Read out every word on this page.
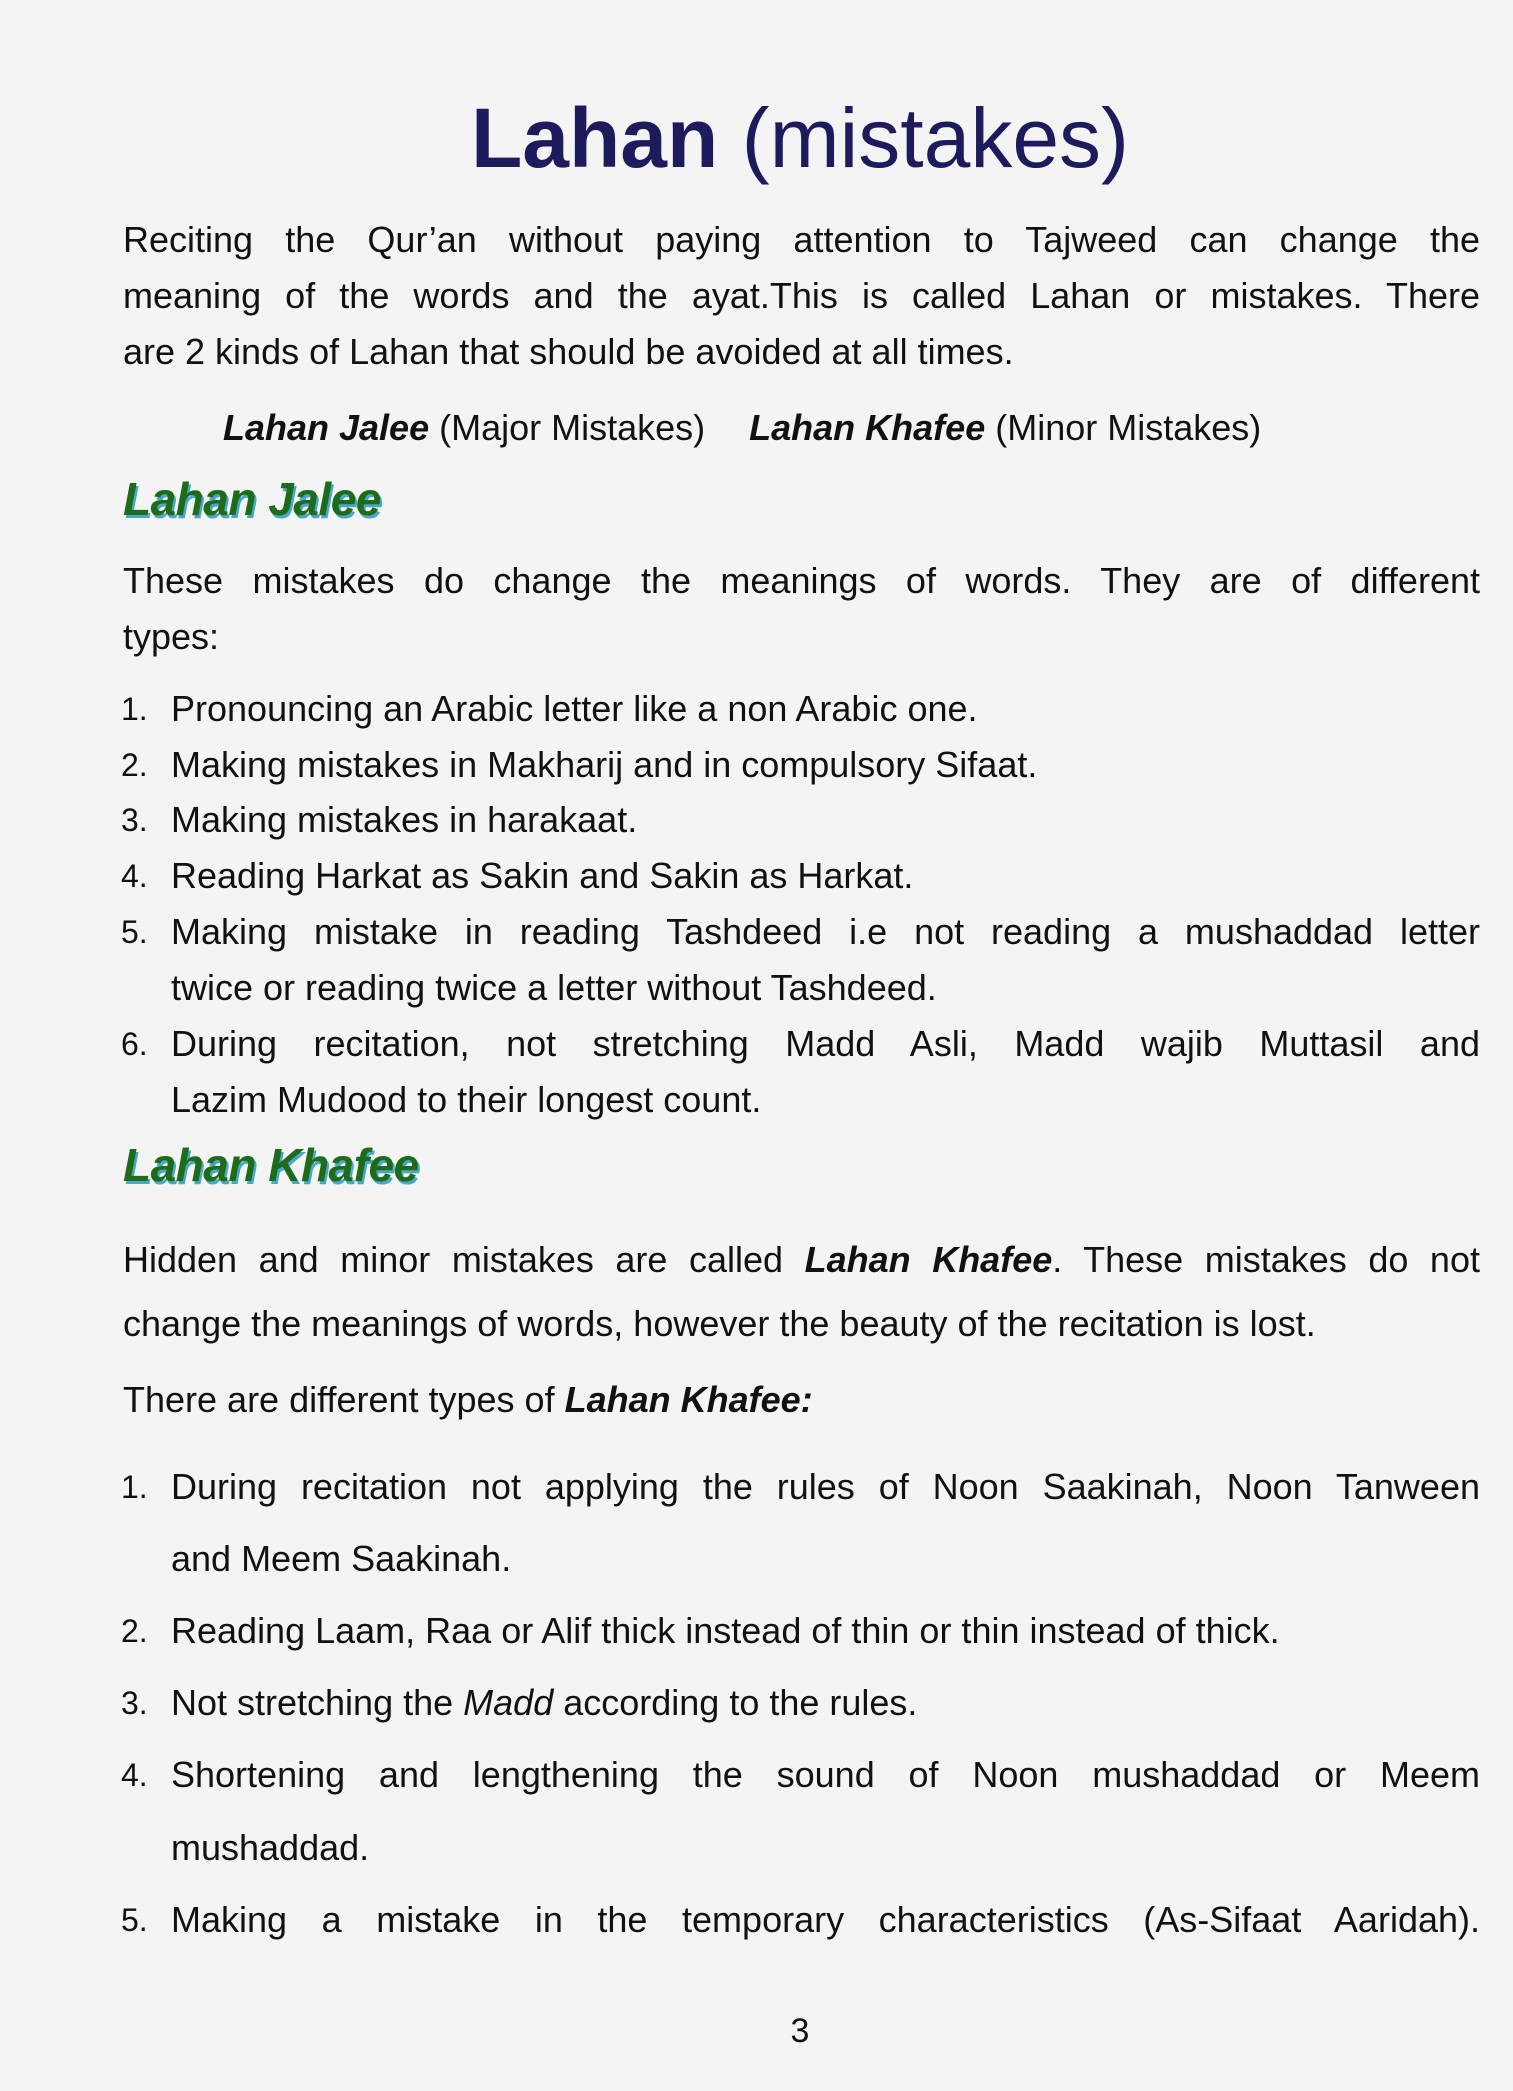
Lahan (mistakes)
Reciting the Qur’an without paying attention to Tajweed can change the
meaning of the words and the ayat.This is called Lahan or mistakes. There
are 2 kinds of Lahan that should be avoided at all times.
Lahan Jalee (Major Mistakes) Lahan Khafee (Minor Mistakes)
Lahan Jalee
These mistakes do change the meanings of words. They are of different
types:
1. Pronouncing an Arabic letter like a non Arabic one.
2. Making mistakes in Makharij and in compulsory Sifaat.
3. Making mistakes in harakaat.
4. Reading Harkat as Sakin and Sakin as Harkat.
5. Making mistake in reading Tashdeed i.e not reading a mushaddad letter
twice or reading twice a letter without Tashdeed.
6. During recitation, not stretching Madd Asli, Madd wajib Muttasil and
Lazim Mudood to their longest count.
Lahan Khafee
Hidden and minor mistakes are called Lahan Khafee. These mistakes do not
change the meanings of words, however the beauty of the recitation is lost.
There are different types of Lahan Khafee:
1. During recitation not applying the rules of Noon Saakinah, Noon Tanween
and Meem Saakinah.
2. Reading Laam, Raa or Alif thick instead of thin or thin instead of thick.
3. Not stretching the Madd according to the rules.
4. Shortening and lengthening the sound of Noon mushaddad or Meem
mushaddad.
5. Making a mistake in the temporary characteristics (As-Sifaat Aaridah).
3
